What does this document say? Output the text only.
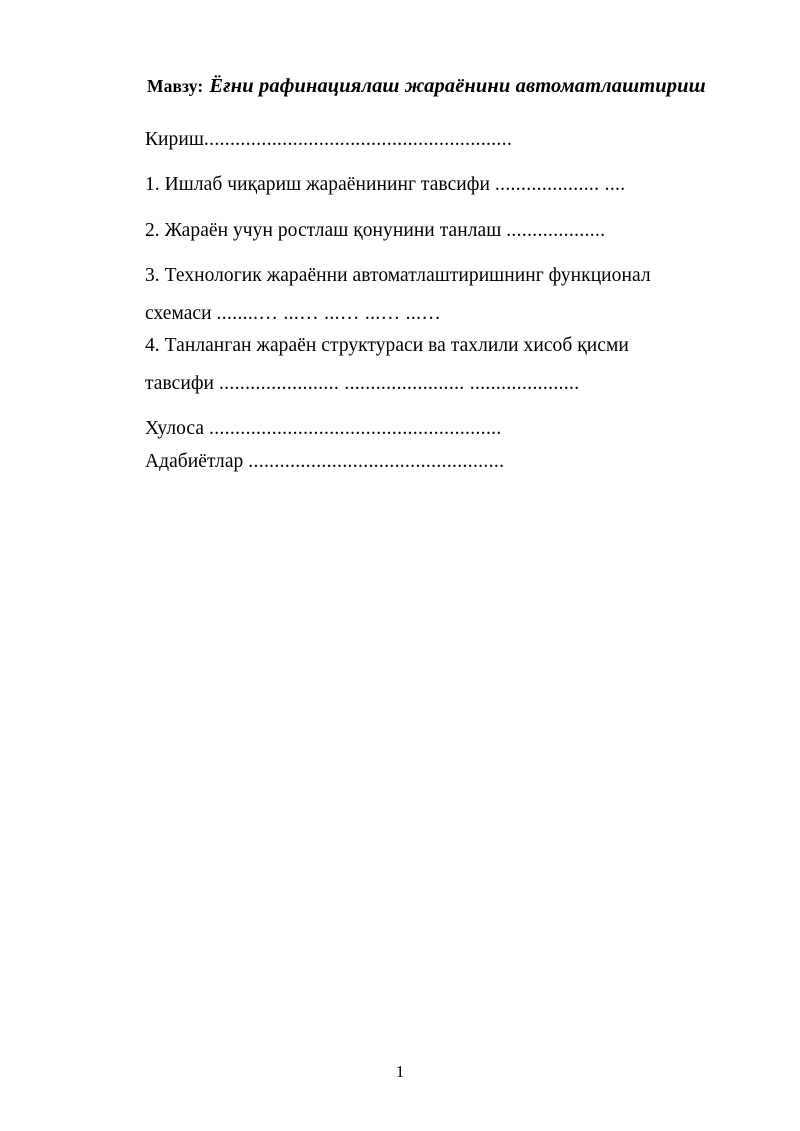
Мавзу: Ёғни рафинациялаш жараёнини автоматлаштириш
Кириш...........................................................
1. Ишлаб чиқариш жараёнининг тавсифи .................... ....
2. Жараён учун ростлаш қонунини танлаш ...................
3. Технологик жараённи автоматлаштиришнинг функционал
схемаси ........… ...… ...… ...… ...…
4. Танланган жараён структураси ва тахлили хисоб қисми
тавсифи ....................... ....................... .....................
Хулоса ........................................................
Адабиётлар .................................................
1
